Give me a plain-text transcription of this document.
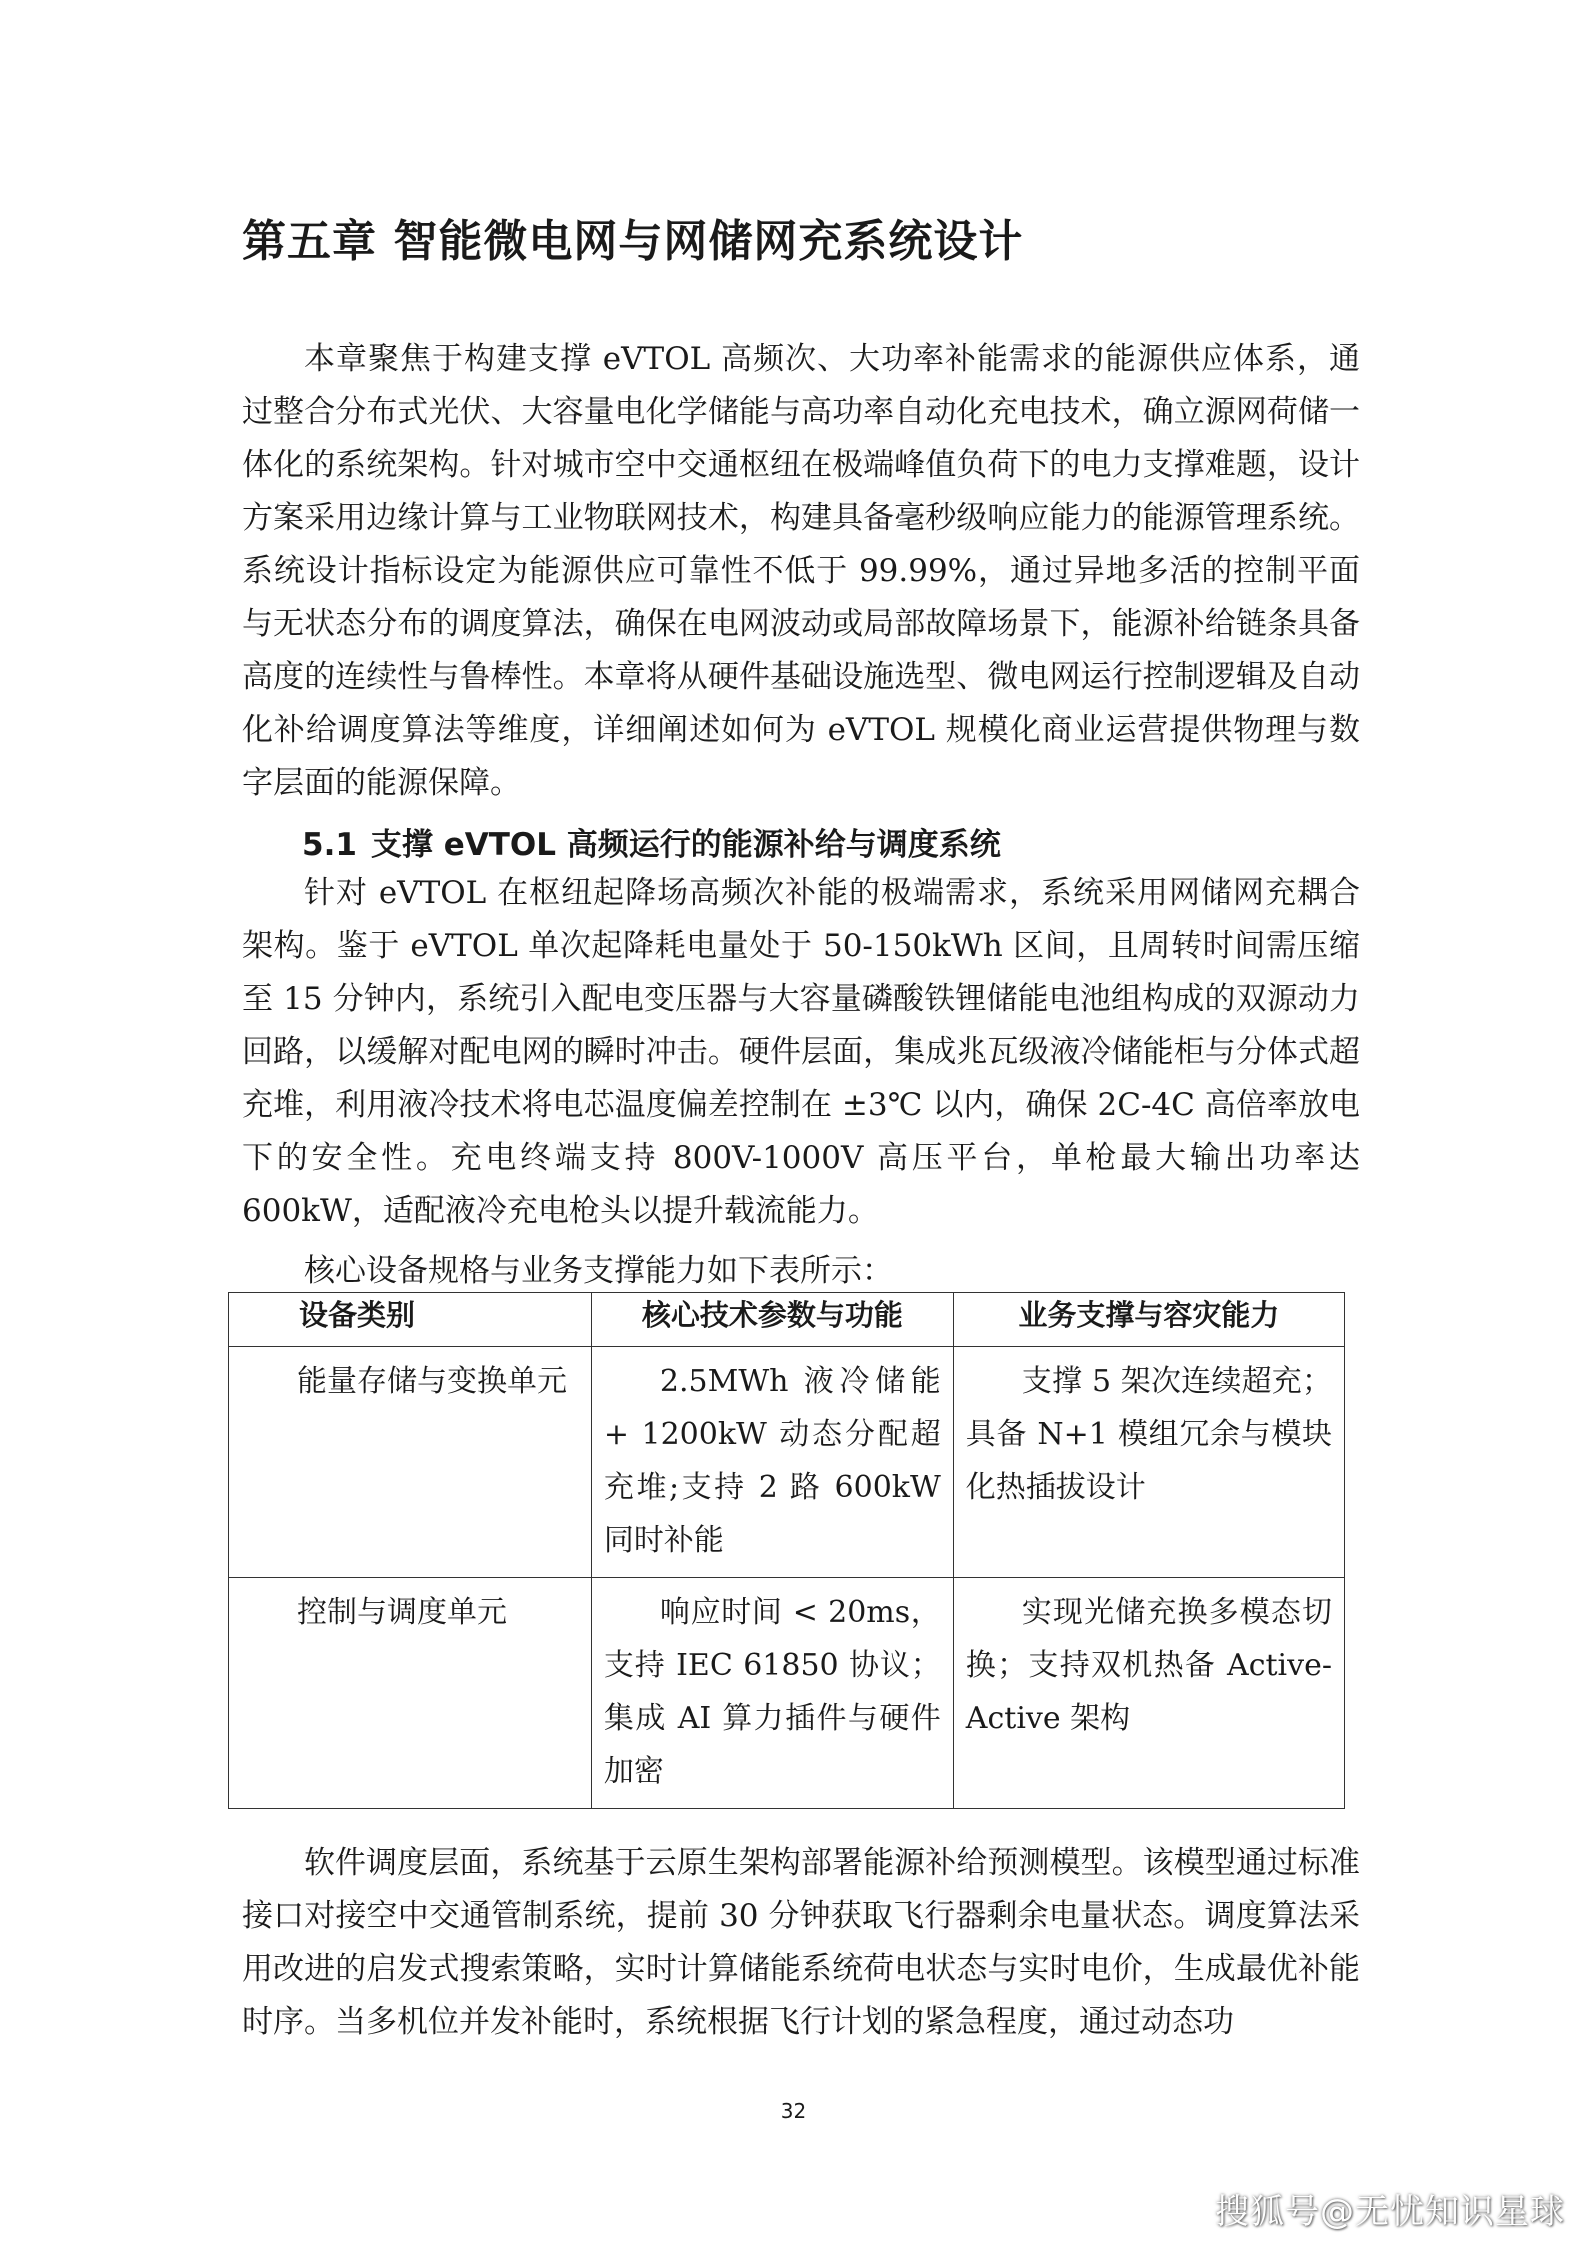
第五章 智能微电网与网储网充系统设计

本章聚焦于构建支撑 eVTOL 高频次、大功率补能需求的能源供应体系，通过整合分布式光伏、大容量电化学储能与高功率自动化充电技术，确立源网荷储一体化的系统架构。针对城市空中交通枢纽在极端峰值负荷下的电力支撑难题，设计方案采用边缘计算与工业物联网技术，构建具备毫秒级响应能力的能源管理系统。系统设计指标设定为能源供应可靠性不低于 99.99%，通过异地多活的控制平面与无状态分布的调度算法，确保在电网波动或局部故障场景下，能源补给链条具备高度的连续性与鲁棒性。本章将从硬件基础设施选型、微电网运行控制逻辑及自动化补给调度算法等维度，详细阐述如何为 eVTOL 规模化商业运营提供物理与数字层面的能源保障。

5.1 支撑 eVTOL 高频运行的能源补给与调度系统

针对 eVTOL 在枢纽起降场高频次补能的极端需求，系统采用网储网充耦合架构。鉴于 eVTOL 单次起降耗电量处于 50-150kWh 区间，且周转时间需压缩至 15 分钟内，系统引入配电变压器与大容量磷酸铁锂储能电池组构成的双源动力回路，以缓解对配电网的瞬时冲击。硬件层面，集成兆瓦级液冷储能柜与分体式超充堆，利用液冷技术将电芯温度偏差控制在 ±3℃ 以内，确保 2C-4C 高倍率放电下的安全性。充电终端支持 800V-1000V 高压平台，单枪最大输出功率达 600kW，适配液冷充电枪头以提升载流能力。

核心设备规格与业务支撑能力如下表所示：

设备类别	核心技术参数与功能	业务支撑与容灾能力

能量存储与变换单元	2.5MWh 液冷储能 + 1200kW 动态分配超充堆;支持 2 路 600kW 同时补能	支撑 5 架次连续超充；具备 N+1 模组冗余与模块化热插拔设计

控制与调度单元	响应时间 < 20ms，支持 IEC 61850 协议；集成 AI 算力插件与硬件加密	实现光储充换多模态切换；支持双机热备 Active-Active 架构

软件调度层面，系统基于云原生架构部署能源补给预测模型。该模型通过标准接口对接空中交通管制系统，提前 30 分钟获取飞行器剩余电量状态。调度算法采用改进的启发式搜索策略，实时计算储能系统荷电状态与实时电价，生成最优补能时序。当多机位并发补能时，系统根据飞行计划的紧急程度，通过动态功

32
搜狐号@无忧知识星球
